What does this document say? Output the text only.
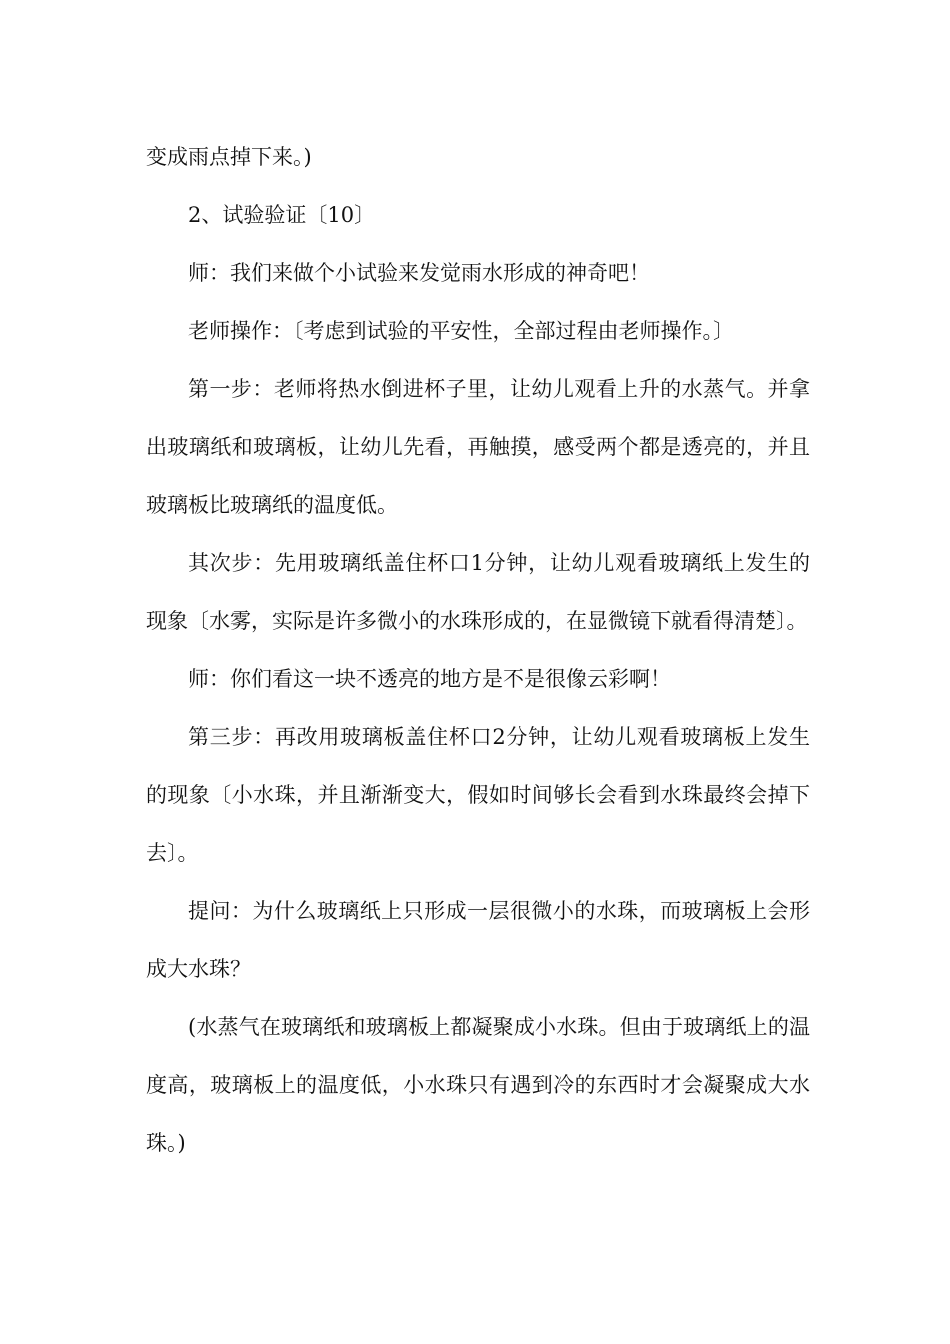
变成雨点掉下来。)

2、试验验证〔10〕

师：我们来做个小试验来发觉雨水形成的神奇吧！

老师操作：〔考虑到试验的平安性，全部过程由老师操作。〕

第一步：老师将热水倒进杯子里，让幼儿观看上升的水蒸气。并拿出玻璃纸和玻璃板，让幼儿先看，再触摸，感受两个都是透亮的，并且玻璃板比玻璃纸的温度低。

其次步：先用玻璃纸盖住杯口1分钟，让幼儿观看玻璃纸上发生的现象〔水雾，实际是许多微小的水珠形成的，在显微镜下就看得清楚〕。

师：你们看这一块不透亮的地方是不是很像云彩啊！

第三步：再改用玻璃板盖住杯口2分钟，让幼儿观看玻璃板上发生的现象〔小水珠，并且渐渐变大，假如时间够长会看到水珠最终会掉下去〕。

提问：为什么玻璃纸上只形成一层很微小的水珠，而玻璃板上会形成大水珠？

(水蒸气在玻璃纸和玻璃板上都凝聚成小水珠。但由于玻璃纸上的温度高，玻璃板上的温度低，小水珠只有遇到冷的东西时才会凝聚成大水珠。)
